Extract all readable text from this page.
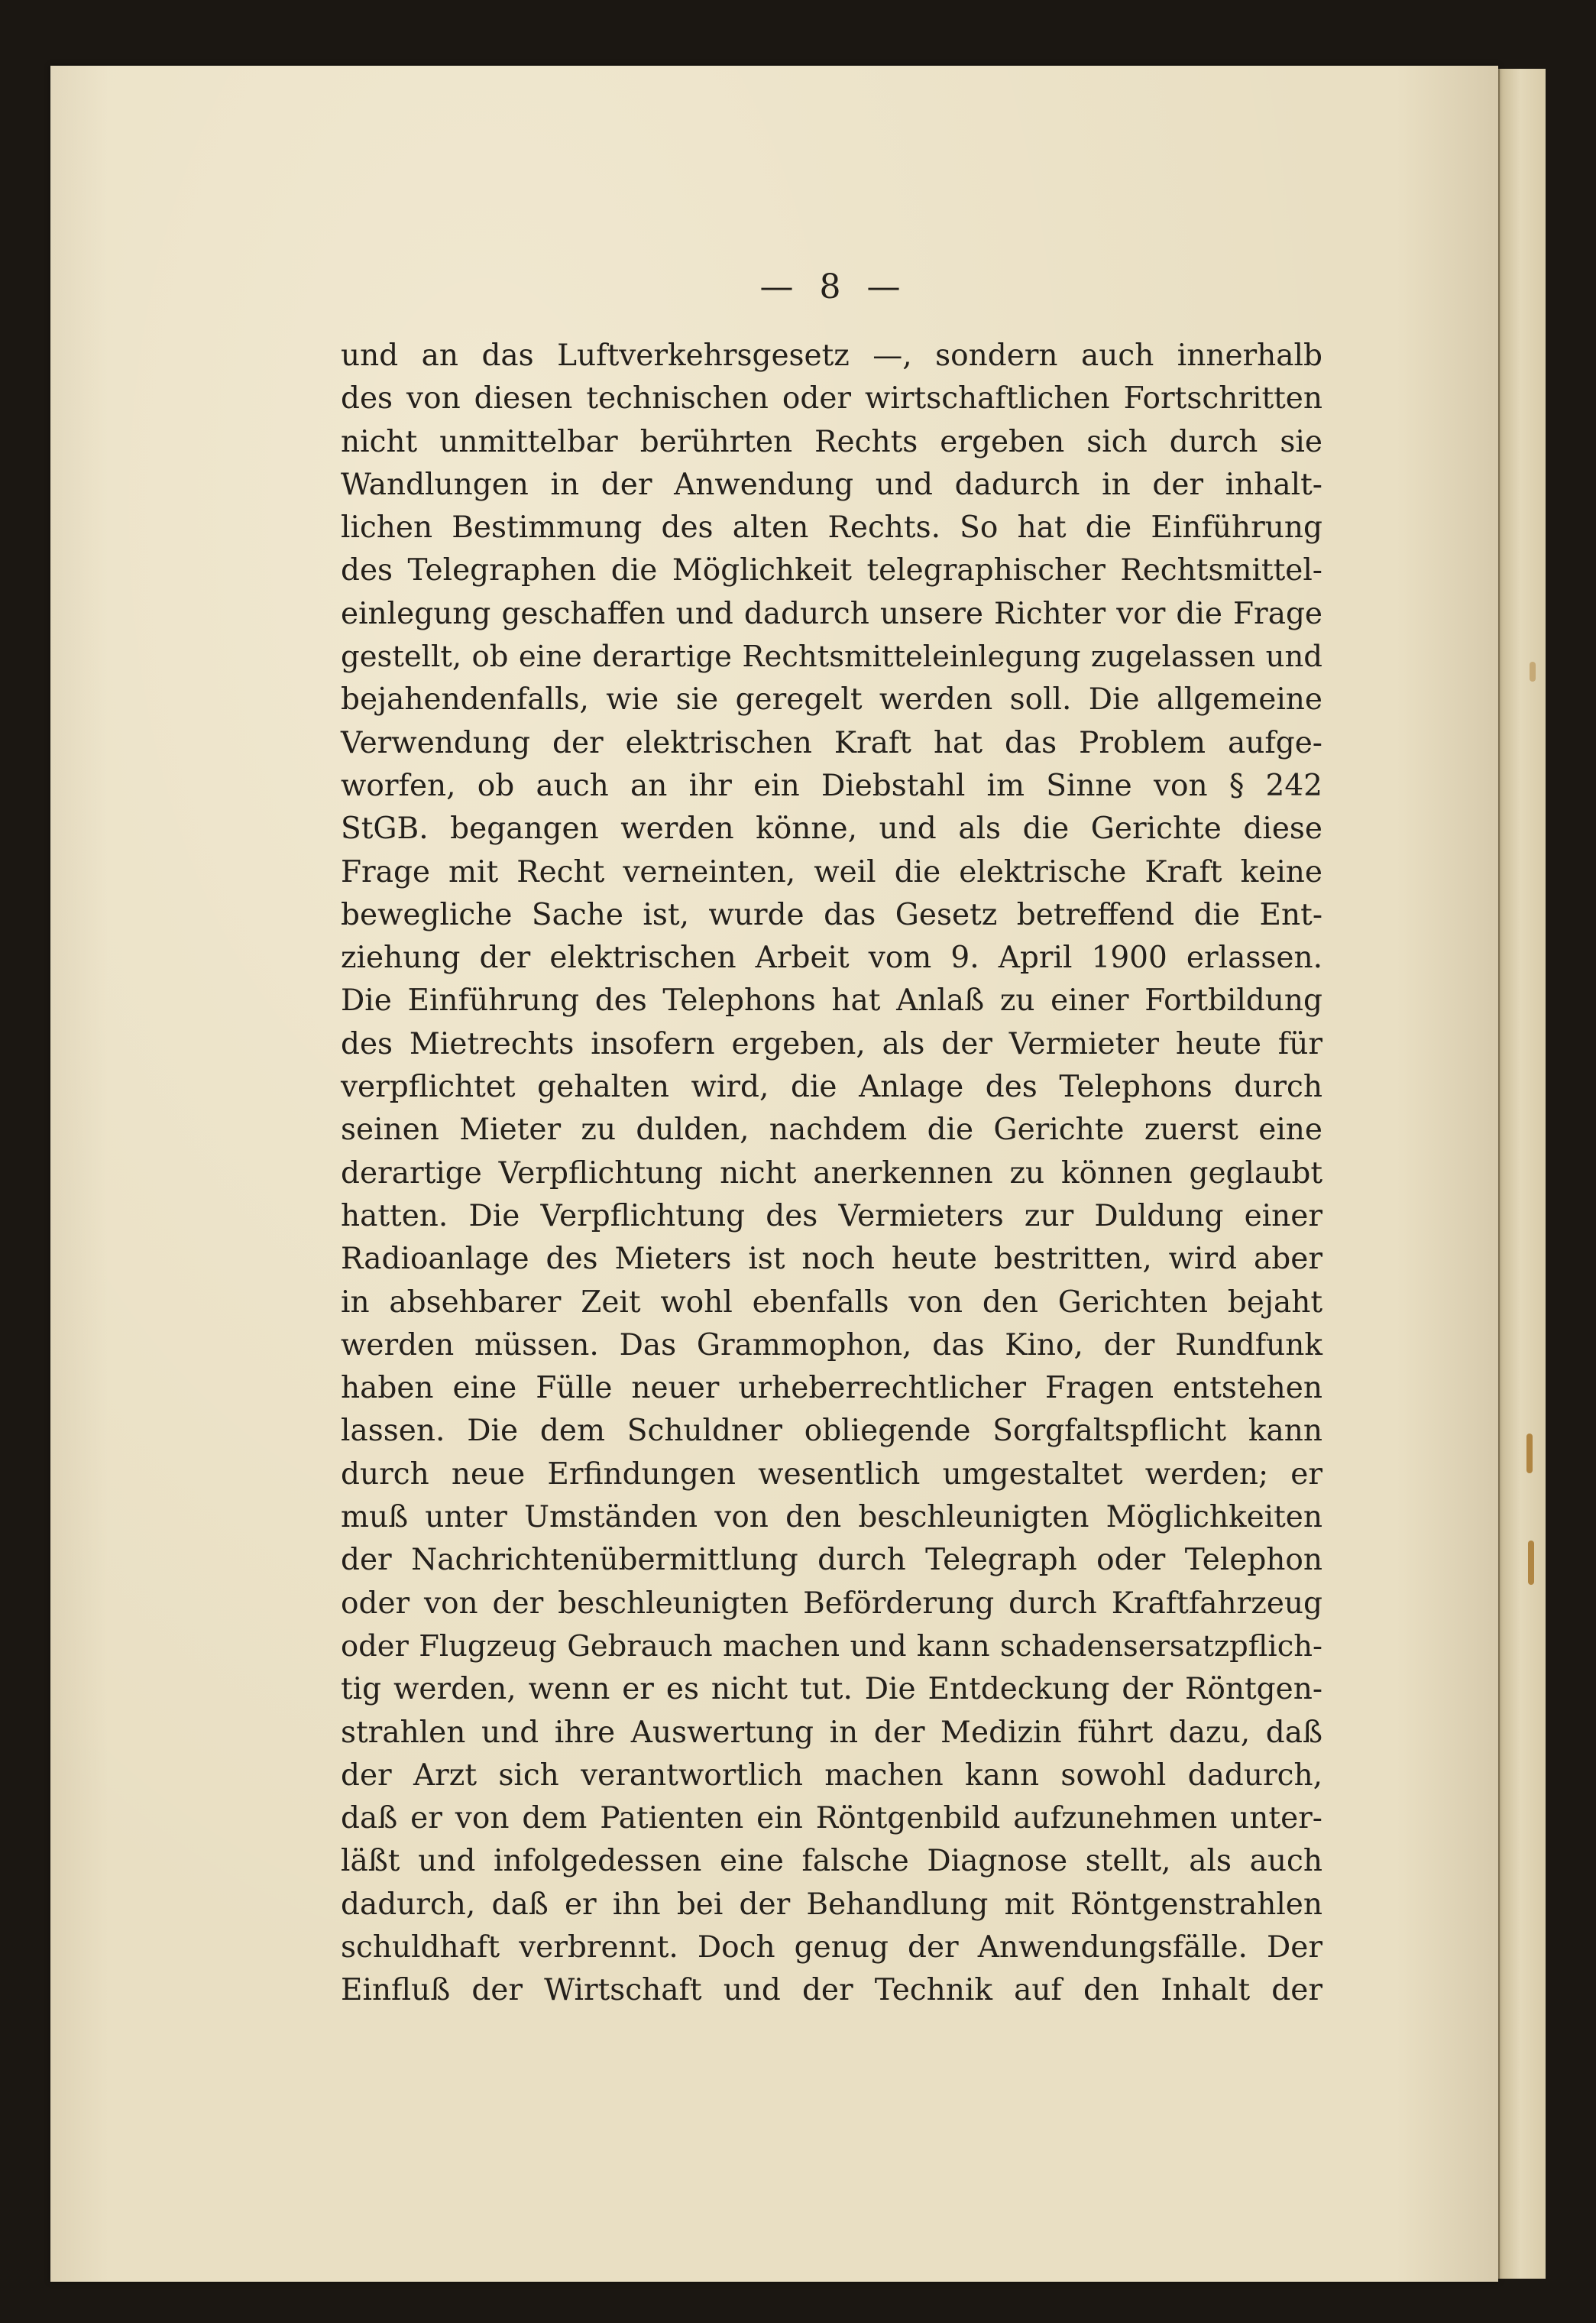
— 8 —
und an das Luftverkehrsgesetz —, sondern auch innerhalb
des von diesen technischen oder wirtschaftlichen Fortschritten
nicht unmittelbar berührten Rechts ergeben sich durch sie
Wandlungen in der Anwendung und dadurch in der inhalt-
lichen Bestimmung des alten Rechts. So hat die Einführung
des Telegraphen die Möglichkeit telegraphischer Rechtsmittel-
einlegung geschaffen und dadurch unsere Richter vor die Frage
gestellt, ob eine derartige Rechtsmitteleinlegung zugelassen und
bejahendenfalls, wie sie geregelt werden soll. Die allgemeine
Verwendung der elektrischen Kraft hat das Problem aufge-
worfen, ob auch an ihr ein Diebstahl im Sinne von § 242
StGB. begangen werden könne, und als die Gerichte diese
Frage mit Recht verneinten, weil die elektrische Kraft keine
bewegliche Sache ist, wurde das Gesetz betreffend die Ent-
ziehung der elektrischen Arbeit vom 9. April 1900 erlassen.
Die Einführung des Telephons hat Anlaß zu einer Fortbildung
des Mietrechts insofern ergeben, als der Vermieter heute für
verpflichtet gehalten wird, die Anlage des Telephons durch
seinen Mieter zu dulden, nachdem die Gerichte zuerst eine
derartige Verpflichtung nicht anerkennen zu können geglaubt
hatten. Die Verpflichtung des Vermieters zur Duldung einer
Radioanlage des Mieters ist noch heute bestritten, wird aber
in absehbarer Zeit wohl ebenfalls von den Gerichten bejaht
werden müssen. Das Grammophon, das Kino, der Rundfunk
haben eine Fülle neuer urheberrechtlicher Fragen entstehen
lassen. Die dem Schuldner obliegende Sorgfaltspflicht kann
durch neue Erfindungen wesentlich umgestaltet werden; er
muß unter Umständen von den beschleunigten Möglichkeiten
der Nachrichtenübermittlung durch Telegraph oder Telephon
oder von der beschleunigten Beförderung durch Kraftfahrzeug
oder Flugzeug Gebrauch machen und kann schadensersatzpflich-
tig werden, wenn er es nicht tut. Die Entdeckung der Röntgen-
strahlen und ihre Auswertung in der Medizin führt dazu, daß
der Arzt sich verantwortlich machen kann sowohl dadurch,
daß er von dem Patienten ein Röntgenbild aufzunehmen unter-
läßt und infolgedessen eine falsche Diagnose stellt, als auch
dadurch, daß er ihn bei der Behandlung mit Röntgenstrahlen
schuldhaft verbrennt. Doch genug der Anwendungsfälle. Der
Einfluß der Wirtschaft und der Technik auf den Inhalt der
